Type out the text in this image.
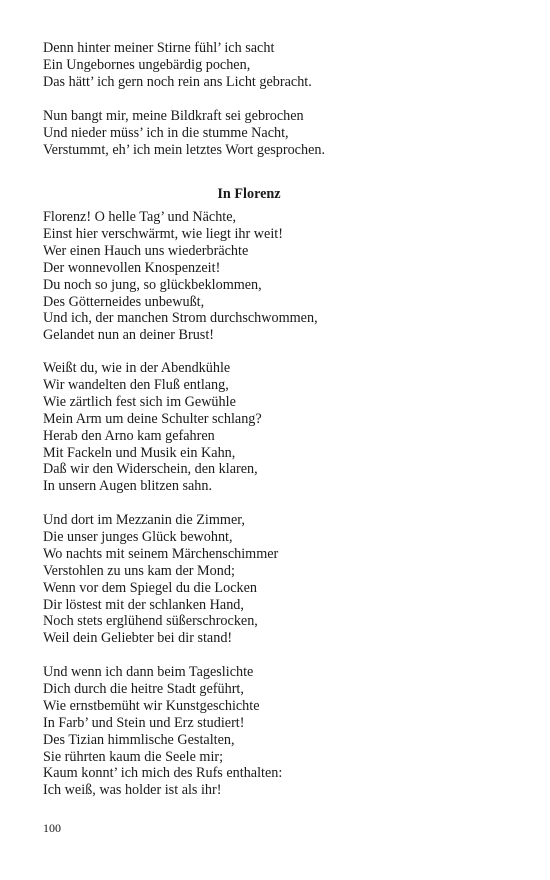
Denn hinter meiner Stirne fühl’ ich sacht
Ein Ungebornes ungebärdig pochen,
Das hätt’ ich gern noch rein ans Licht gebracht.
Nun bangt mir, meine Bildkraft sei gebrochen
Und nieder müss’ ich in die stumme Nacht,
Verstummt, eh’ ich mein letztes Wort gesprochen.
In Florenz
Florenz! O helle Tag’ und Nächte,
Einst hier verschwärmt, wie liegt ihr weit!
Wer einen Hauch uns wiederbrächte
Der wonnevollen Knospenzeit!
Du noch so jung, so glückbeklommen,
Des Götterneides unbewußt,
Und ich, der manchen Strom durchschwommen,
Gelandet nun an deiner Brust!
Weißt du, wie in der Abendkühle
Wir wandelten den Fluß entlang,
Wie zärtlich fest sich im Gewühle
Mein Arm um deine Schulter schlang?
Herab den Arno kam gefahren
Mit Fackeln und Musik ein Kahn,
Daß wir den Widerschein, den klaren,
In unsern Augen blitzen sahn.
Und dort im Mezzanin die Zimmer,
Die unser junges Glück bewohnt,
Wo nachts mit seinem Märchenschimmer
Verstohlen zu uns kam der Mond;
Wenn vor dem Spiegel du die Locken
Dir löstest mit der schlanken Hand,
Noch stets erglühend süßerschrocken,
Weil dein Geliebter bei dir stand!
Und wenn ich dann beim Tageslichte
Dich durch die heitre Stadt geführt,
Wie ernstbemüht wir Kunstgeschichte
In Farb’ und Stein und Erz studiert!
Des Tizian himmlische Gestalten,
Sie rührten kaum die Seele mir;
Kaum konnt’ ich mich des Rufs enthalten:
Ich weiß, was holder ist als ihr!
100
